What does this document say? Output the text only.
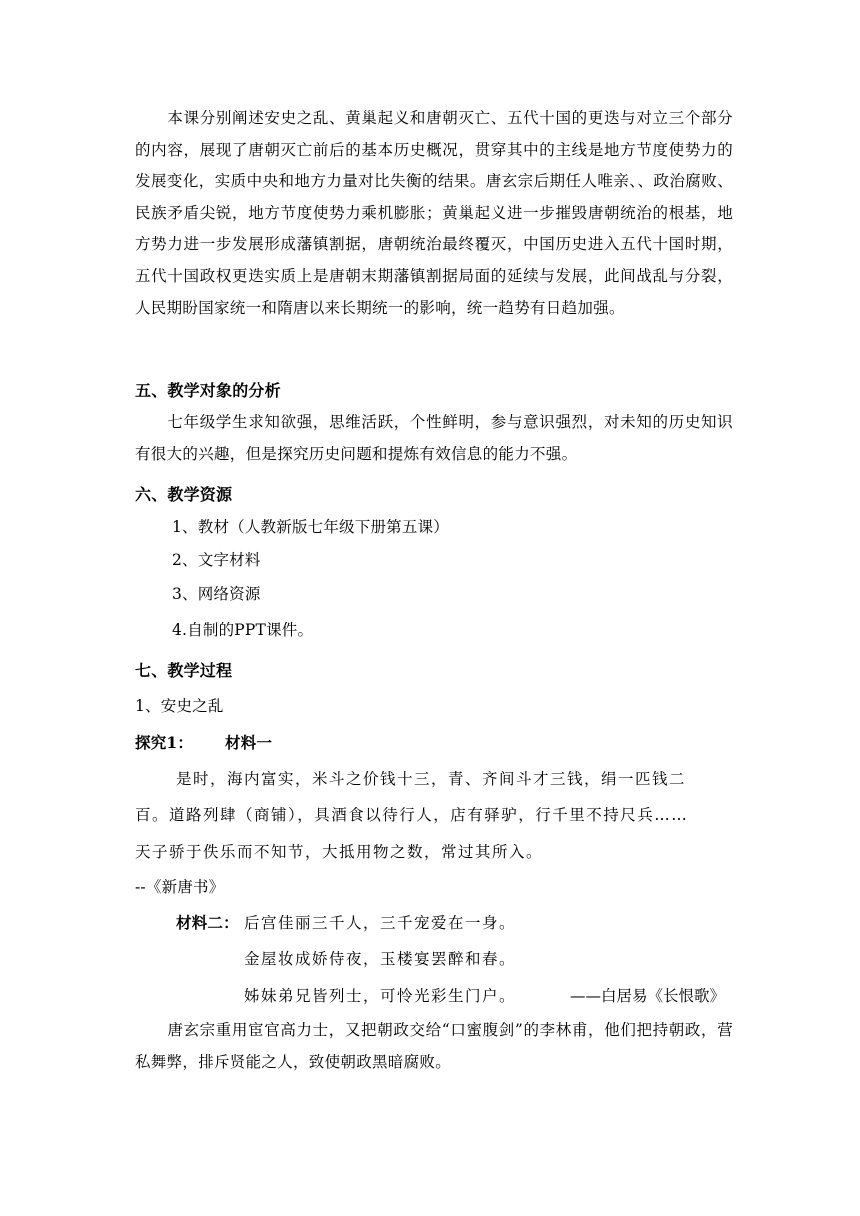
本课分别阐述安史之乱、黄巢起义和唐朝灭亡、五代十国的更迭与对立三个部分的内容，展现了唐朝灭亡前后的基本历史概况，贯穿其中的主线是地方节度使势力的发展变化，实质中央和地方力量对比失衡的结果。唐玄宗后期任人唯亲、、政治腐败、民族矛盾尖锐，地方节度使势力乘机膨胀；黄巢起义进一步摧毁唐朝统治的根基，地方势力进一步发展形成藩镇割据，唐朝统治最终覆灭，中国历史进入五代十国时期，五代十国政权更迭实质上是唐朝末期藩镇割据局面的延续与发展，此间战乱与分裂，人民期盼国家统一和隋唐以来长期统一的影响，统一趋势有日趋加强。
五、教学对象的分析
七年级学生求知欲强，思维活跃，个性鲜明，参与意识强烈，对未知的历史知识有很大的兴趣，但是探究历史问题和提炼有效信息的能力不强。
六、教学资源
1、教材（人教新版七年级下册第五课）
2、文字材料
3、网络资源
4.自制的PPT课件。
七、教学过程
1、安史之乱
探究1： 材料一
是时，海内富实，米斗之价钱十三，青、齐间斗才三钱，绢一匹钱二
百。道路列肆（商铺），具酒食以待行人，店有驿驴，行千里不持尺兵……
天子骄于佚乐而不知节，大抵用物之数，常过其所入。
--《新唐书》
材料二： 后宫佳丽三千人，三千宠爱在一身。
金屋妆成娇侍夜，玉楼宴罢醉和春。
姊妹弟兄皆列士，可怜光彩生门户。	——白居易《长恨歌》
唐玄宗重用宦官高力士，又把朝政交给“口蜜腹剑”的李林甫，他们把持朝政，营私舞弊，排斥贤能之人，致使朝政黑暗腐败。
